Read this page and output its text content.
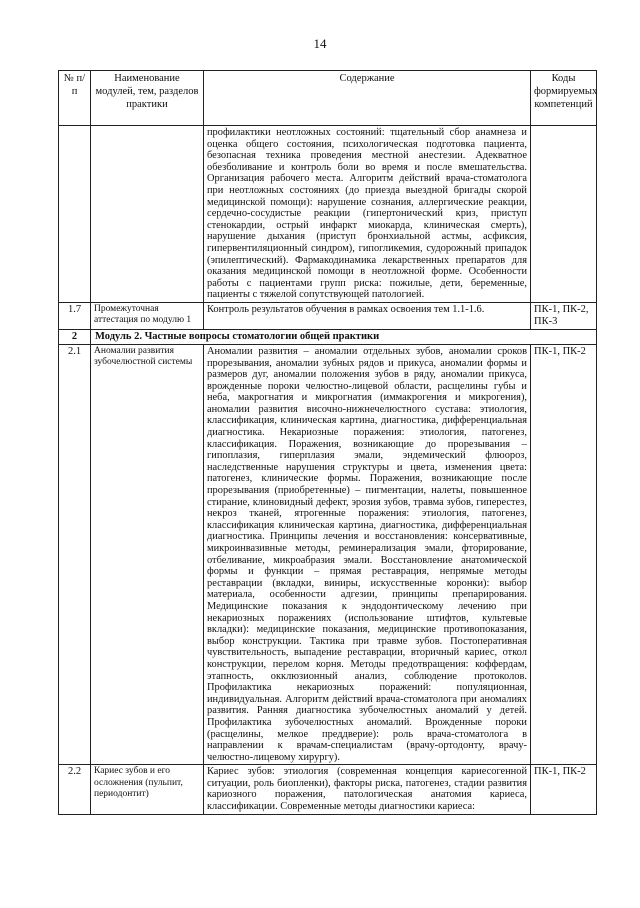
14
№ п/п	Наименование модулей, тем, разделов практики	Содержание	Коды формируемых компетенций
		профилактики неотложных состояний: тщательный сбор анамнеза и оценка общего состояния, психологическая подготовка пациента, безопасная техника проведения местной анестезии. Адекватное обезболивание и контроль боли во время и после вмешательства. Организация рабочего места. Алгоритм действий врача-стоматолога при неотложных состояниях (до приезда выездной бригады скорой медицинской помощи): нарушение сознания, аллергические реакции, сердечно-сосудистые реакции (гипертонический криз, приступ стенокардии, острый инфаркт миокарда, клиническая смерть), нарушение дыхания (приступ бронхиальной астмы, асфиксия, гипервентиляционный синдром), гипогликемия, судорожный припадок (эпилептический). Фармакодинамика лекарственных препаратов для оказания медицинской помощи в неотложной форме. Особенности работы с пациентами групп риска: пожилые, дети, беременные, пациенты с тяжелой сопутствующей патологией.	
1.7	Промежуточная аттестация по модулю 1	Контроль результатов обучения в рамках освоения тем 1.1-1.6.	ПК-1, ПК-2, ПК-3
2	Модуль 2. Частные вопросы стоматологии общей практики		
2.1	Аномалии развития зубочелюстной системы	Аномалии развития – аномалии отдельных зубов, аномалии сроков прорезывания, аномалии зубных рядов и прикуса, аномалии формы и размеров дуг, аномалии положения зубов в ряду, аномалии прикуса, врожденные пороки челюстно-лицевой области, расщелины губы и неба, макрогнатия и микрогнатия (иммакрогения и микрогения), аномалии развития височно-нижнечелюстного сустава: этиология, классификация, клиническая картина, диагностика, дифференциальная диагностика. Некариозные поражения: этиология, патогенез, классификация. Поражения, возникающие до прорезывания – гипоплазия, гиперплазия эмали, эндемический флюороз, наследственные нарушения структуры и цвета, изменения цвета: патогенез, клинические формы. Поражения, возникающие после прорезывания (приобретенные) – пигментации, налеты, повышенное стирание, клиновидный дефект, эрозия зубов, травма зубов, гиперестез, некроз тканей, ятрогенные поражения: этиология, патогенез, классификация клиническая картина, диагностика, дифференциальная диагностика. Принципы лечения и восстановления: консервативные, микроинвазивные методы, реминерализация эмали, фторирование, отбеливание, микроабразия эмали. Восстановление анатомической формы и функции – прямая реставрация, непрямые методы реставрации (вкладки, виниры, искусственные коронки): выбор материала, особенности адгезии, принципы препарирования. Медицинские показания к эндодонтическому лечению при некариозных поражениях (использование штифтов, культевые вкладки): медицинские показания, медицинские противопоказания, выбор конструкции. Тактика при травме зубов. Постоперативная чувствительность, выпадение реставрации, вторичный кариес, откол конструкции, перелом корня. Методы предотвращения: коффердам, этапность, окклюзионный анализ, соблюдение протоколов. Профилактика некариозных поражений: популяционная, индивидуальная. Алгоритм действий врача-стоматолога при аномалиях развития. Ранняя диагностика зубочелюстных аномалий у детей. Профилактика зубочелюстных аномалий. Врожденные пороки (расщелины, мелкое преддверие): роль врача-стоматолога в направлении к врачам-специалистам (врачу-ортодонту, врачу-челюстно-лицевому хирургу).	ПК-1, ПК-2
2.2	Кариес зубов и его осложнения (пульпит, периодонтит)	Кариес зубов: этиология (современная концепция кариесогенной ситуации, роль биопленки), факторы риска, патогенез, стадии развития кариозного поражения, патологическая анатомия кариеса, классификации. Современные методы диагностики кариеса:	ПК-1, ПК-2
